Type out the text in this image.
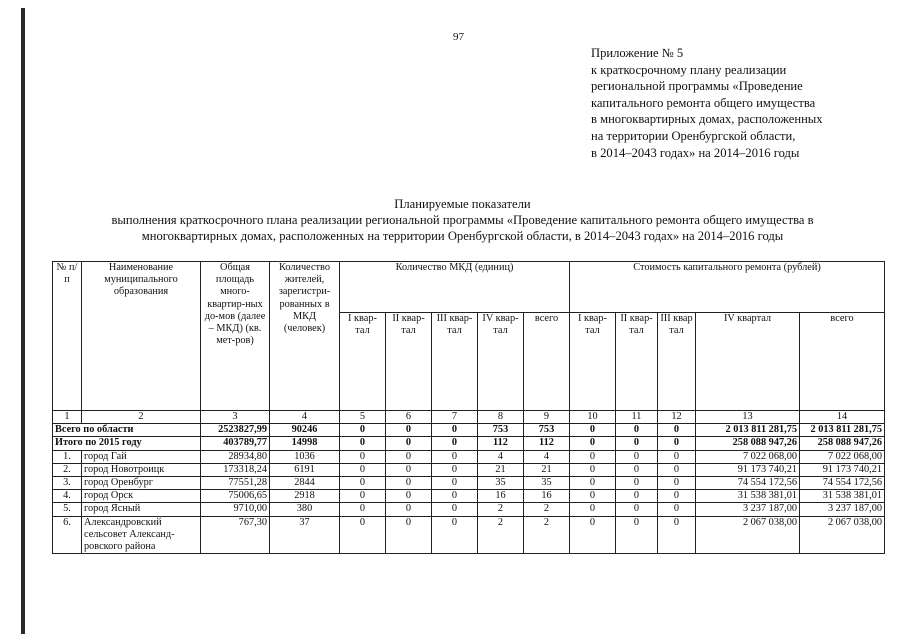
97
Приложение № 5
к краткосрочному плану реализации
региональной программы «Проведение
капитального ремонта общего имущества
в многоквартирных домах, расположенных
на территории Оренбургской области,
в 2014–2043 годах» на 2014–2016 годы
Планируемые показатели
выполнения краткосрочного плана реализации региональной программы «Проведение капитального ремонта общего имущества в
многоквартирных домах, расположенных на территории Оренбургской области, в 2014–2043 годах» на 2014–2016 годы
№ п/п	Наименование муниципального образования	Общая площадь много-квартир-ных до-мов (далее – МКД) (кв. мет-ров)	Количество жителей, зарегистри-рованных в МКД (человек)	Количество МКД (единиц)					Стоимость капитального ремонта (рублей)				
				I квар-тал	II квар-тал	III квар-тал	IV квар-тал	всего	I квар-тал	II квар-тал	III квар тал	IV квартал	всего
1	2	3	4	5	6	7	8	9	10	11	12	13	14
Всего по области		2523827,99	90246	0	0	0	753	753	0	0	0	2 013 811 281,75	2 013 811 281,75
Итого по 2015 году		403789,77	14998	0	0	0	112	112	0	0	0	258 088 947,26	258 088 947,26
1.	город Гай	28934,80	1036	0	0	0	4	4	0	0	0	7 022 068,00	7 022 068,00
2.	город Новотроицк	173318,24	6191	0	0	0	21	21	0	0	0	91 173 740,21	91 173 740,21
3.	город Оренбург	77551,28	2844	0	0	0	35	35	0	0	0	74 554 172,56	74 554 172,56
4.	город Орск	75006,65	2918	0	0	0	16	16	0	0	0	31 538 381,01	31 538 381,01
5.	город Ясный	9710,00	380	0	0	0	2	2	0	0	0	3 237 187,00	3 237 187,00
6.	Александровский сельсовет Александ-ровского района	767,30	37	0	0	0	2	2	0	0	0	2 067 038,00	2 067 038,00
